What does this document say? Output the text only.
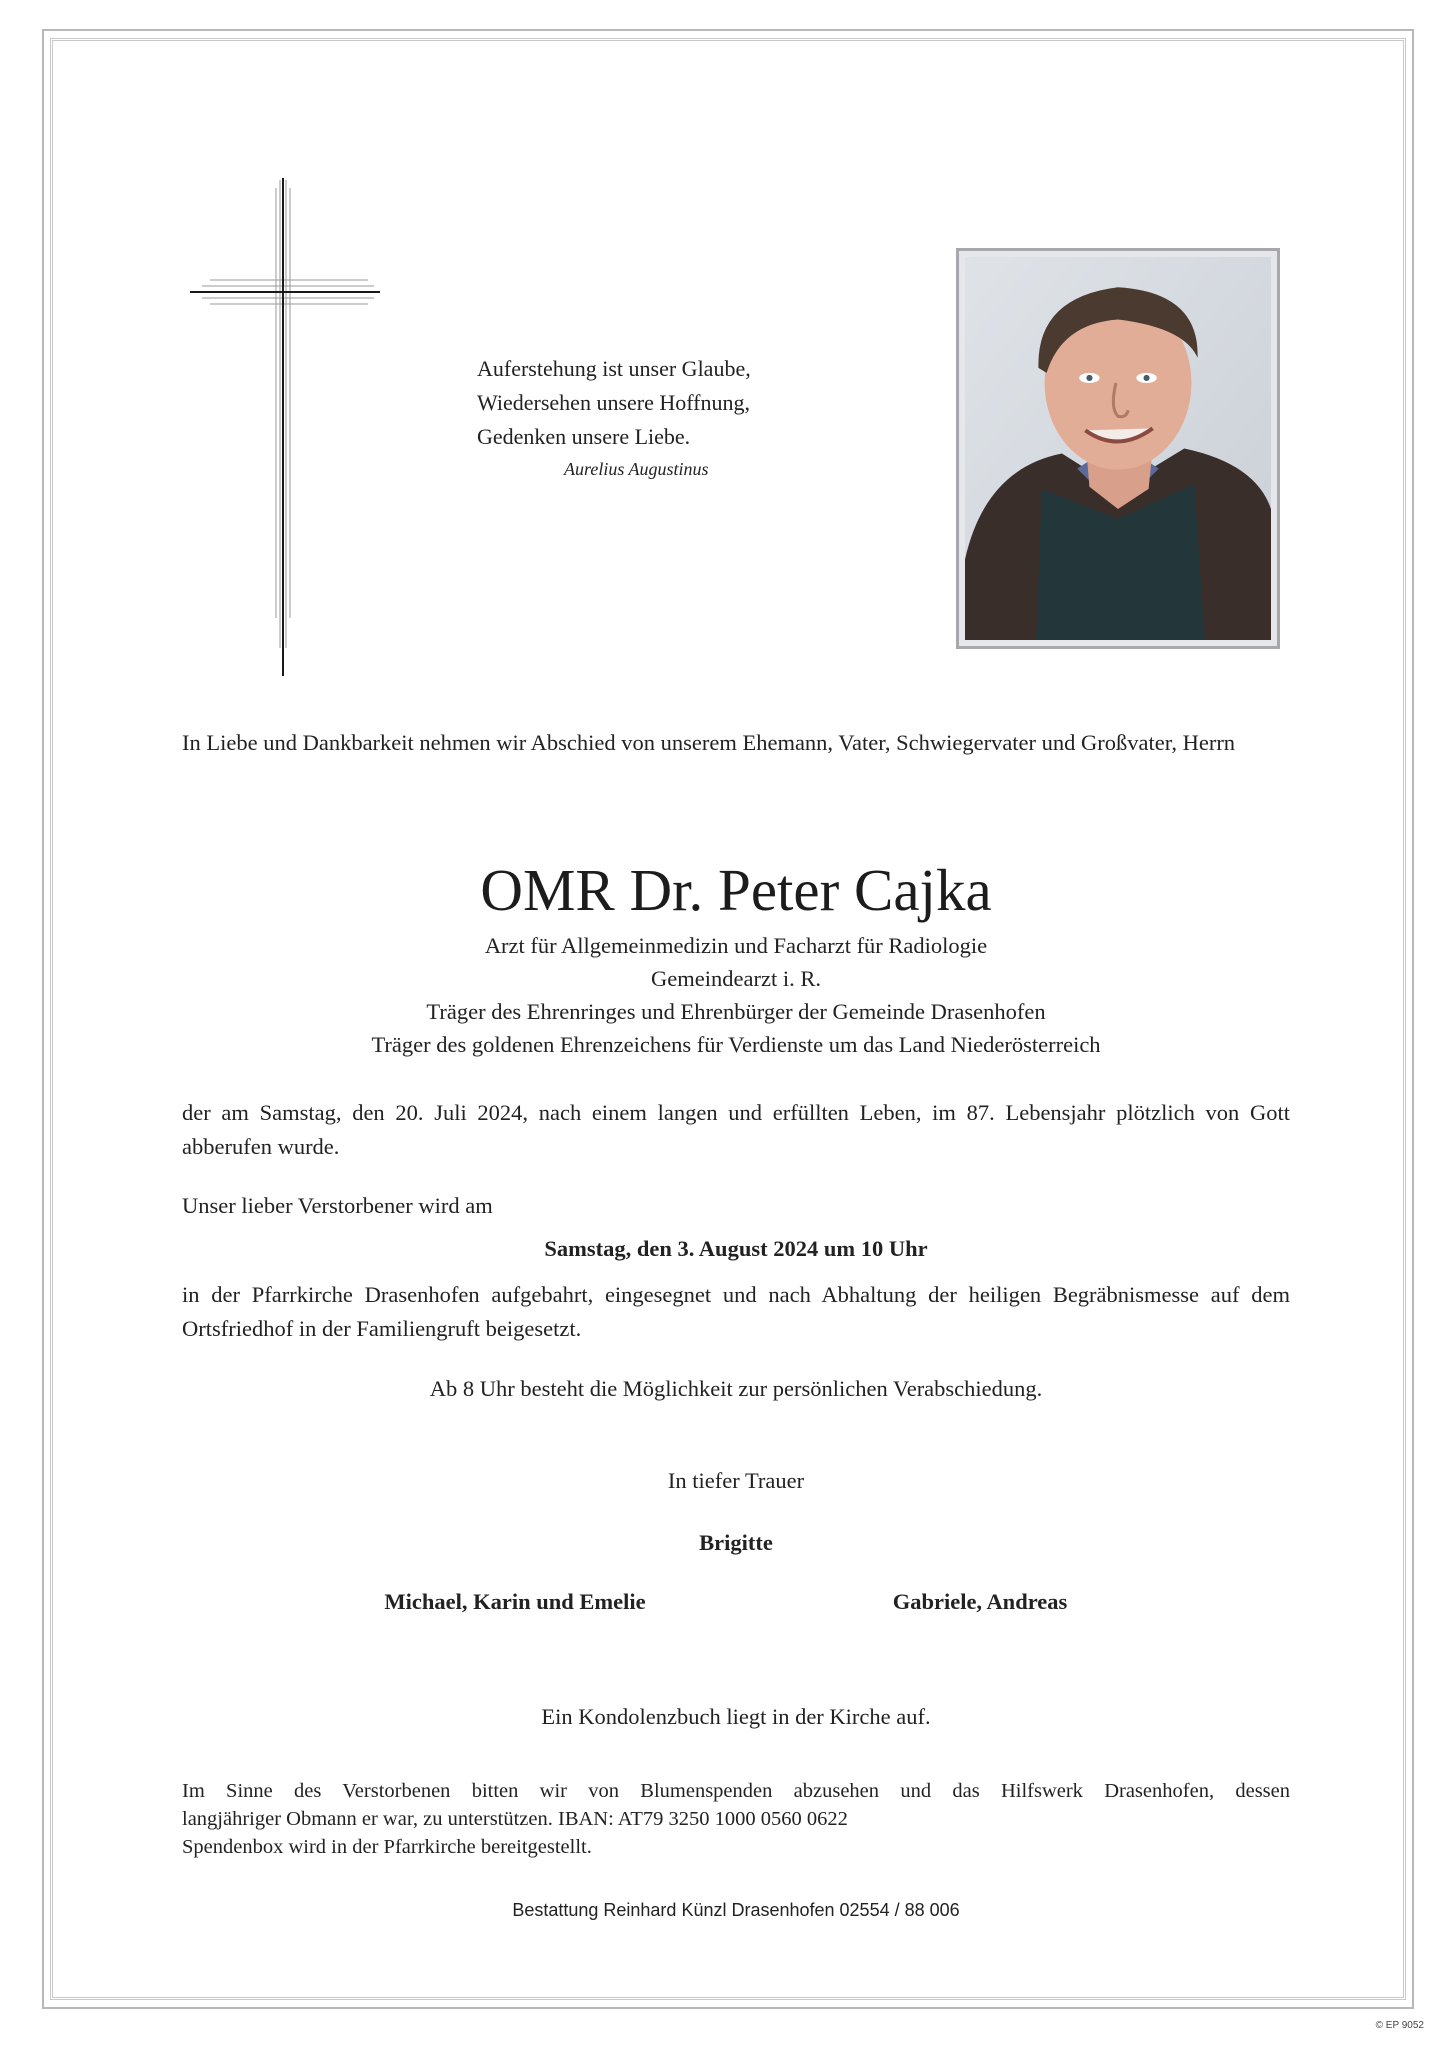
Auferstehung ist unser Glaube,
Wiedersehen unsere Hoffnung,
Gedenken unsere Liebe.
Aurelius Augustinus
In Liebe und Dankbarkeit nehmen wir Abschied von unserem Ehemann, Vater, Schwiegervater und Großvater, Herrn
OMR Dr. Peter Cajka
Arzt für Allgemeinmedizin und Facharzt für Radiologie
Gemeindearzt i. R.
Träger des Ehrenringes und Ehrenbürger der Gemeinde Drasenhofen
Träger des goldenen Ehrenzeichens für Verdienste um das Land Niederösterreich
der am Samstag, den 20. Juli 2024, nach einem langen und erfüllten Leben, im 87. Lebensjahr plötzlich von Gott abberufen wurde.
Unser lieber Verstorbener wird am
Samstag, den 3. August 2024 um 10 Uhr
in der Pfarrkirche Drasenhofen aufgebahrt, eingesegnet und nach Abhaltung der heiligen Begräbnismesse auf dem Ortsfriedhof in der Familiengruft beigesetzt.
Ab 8 Uhr besteht die Möglichkeit zur persönlichen Verabschiedung.
In tiefer Trauer
Brigitte
Michael, Karin und Emelie	Gabriele, Andreas
Ein Kondolenzbuch liegt in der Kirche auf.
Im Sinne des Verstorbenen bitten wir von Blumenspenden abzusehen und das Hilfswerk Drasenhofen, dessen
langjähriger Obmann er war, zu unterstützen. IBAN: AT79 3250 1000 0560 0622
Spendenbox wird in der Pfarrkirche bereitgestellt.
Bestattung Reinhard Künzl Drasenhofen 02554 / 88 006
© EP 9052
